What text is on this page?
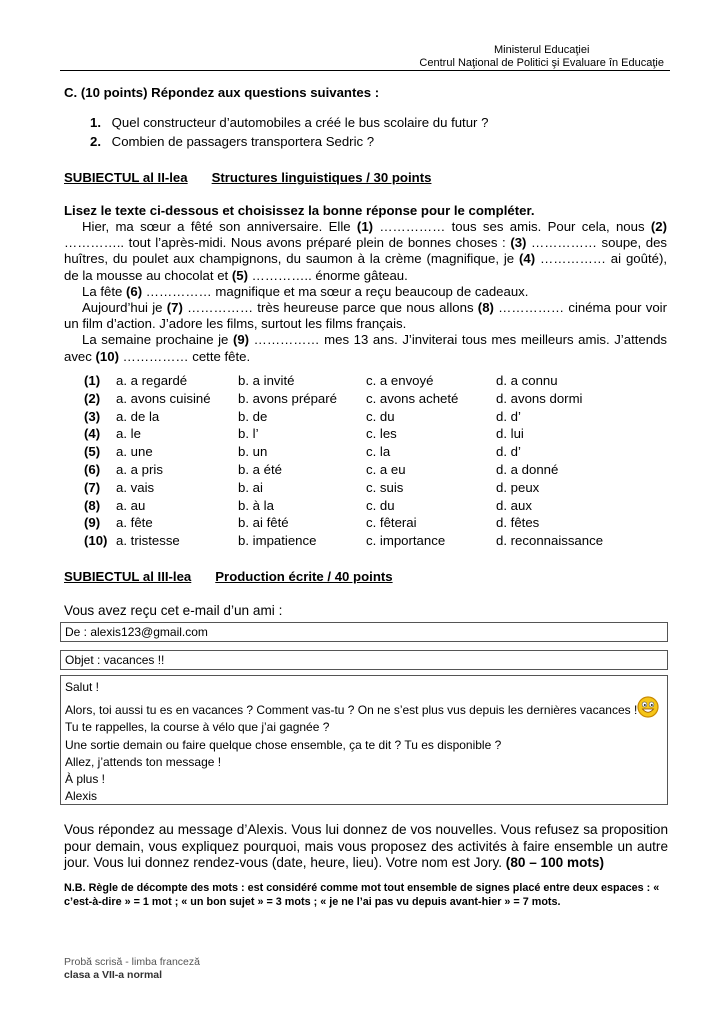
Ministerul Educaţiei
Centrul Naţional de Politici şi Evaluare în Educaţie
C. (10 points) Répondez aux questions suivantes :
1. Quel constructeur d’automobiles a créé le bus scolaire du futur ?
2. Combien de passagers transportera Sedric ?
SUBIECTUL al II-lea Structures linguistiques / 30 points
Lisez le texte ci-dessous et choisissez la bonne réponse pour le compléter.

Hier, ma sœur a fêté son anniversaire. Elle (1) …………… tous ses amis. Pour cela, nous (2) ………….. tout l’après-midi. Nous avons préparé plein de bonnes choses : (3) …………… soupe, des huîtres, du poulet aux champignons, du saumon à la crème (magnifique, je (4) …………… ai goûté), de la mousse au chocolat et (5) ………….. énorme gâteau.

La fête (6) …………… magnifique et ma sœur a reçu beaucoup de cadeaux.

Aujourd’hui je (7) …………… très heureuse parce que nous allons (8) …………… cinéma pour voir un film d’action. J’adore les films, surtout les films français.

La semaine prochaine je (9) …………… mes 13 ans. J’inviterai tous mes meilleurs amis. J’attends avec (10) …………… cette fête.

(1)	a. a regardé	b. a invité	c. a envoyé	d. a connu
(2)	a. avons cuisiné	b. avons préparé	c. avons acheté	d. avons dormi
(3)	a. de la	b. de	c. du	d. d’
(4)	a. le	b. l’	c. les	d. lui
(5)	a. une	b. un	c. la	d. d’
(6)	a. a pris	b. a été	c. a eu	d. a donné
(7)	a. vais	b. ai	c. suis	d. peux
(8)	a. au	b. à la	c. du	d. aux
(9)	a. fête	b. ai fêté	c. fêterai	d. fêtes
(10)	a. tristesse	b. impatience	c. importance	d. reconnaissance
SUBIECTUL al III-lea Production écrite / 40 points
Vous avez reçu cet e-mail d’un ami :
De : alexis123@gmail.com
Objet : vacances !!
Salut !
Alors, toi aussi tu es en vacances ? Comment vas-tu ? On ne s’est plus vus depuis les dernières vacances !
Tu te rappelles, la course à vélo que j’ai gagnée ?
Une sortie demain ou faire quelque chose ensemble, ça te dit ? Tu es disponible ?
Allez, j’attends ton message !
À plus !
Alexis
Vous répondez au message d’Alexis. Vous lui donnez de vos nouvelles. Vous refusez sa proposition pour demain, vous expliquez pourquoi, mais vous proposez des activités à faire ensemble un autre jour. Vous lui donnez rendez-vous (date, heure, lieu). Votre nom est Jory. (80 – 100 mots)
N.B. Règle de décompte des mots : est considéré comme mot tout ensemble de signes placé entre deux espaces : « c’est-à-dire » = 1 mot ; « un bon sujet » = 3 mots ; « je ne l’ai pas vu depuis avant-hier » = 7 mots.
Probă scrisă - limba franceză
clasa a VII-a normal
